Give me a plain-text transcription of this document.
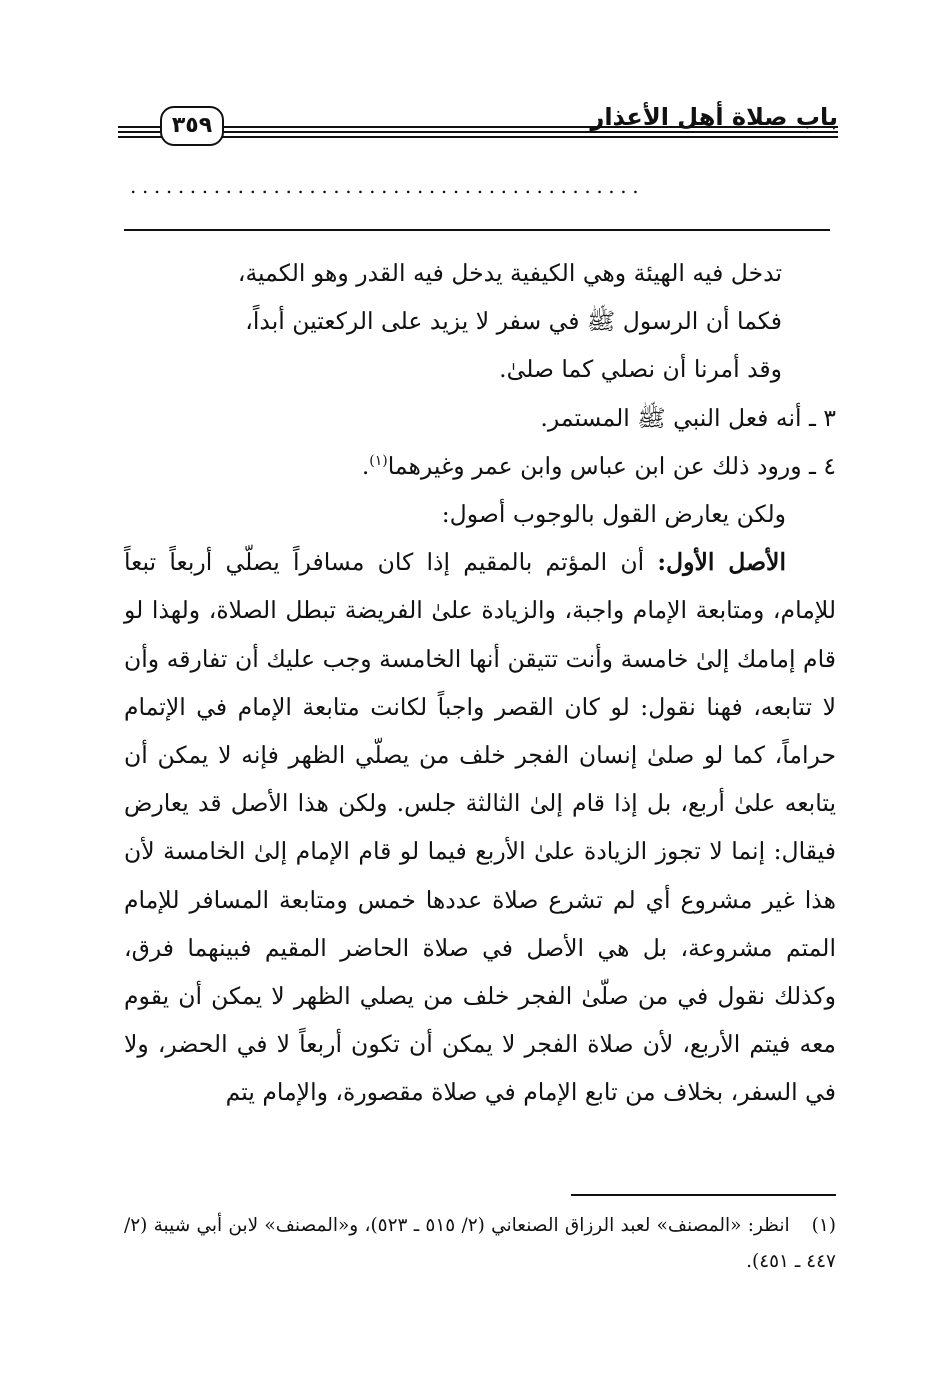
باب صلاة أهل الأعذار
٣٥٩
...........................................

تدخل فيه الهيئة وهي الكيفية يدخل فيه القدر وهو الكمية،

فكما أن الرسول ﷺ في سفر لا يزيد على الركعتين أبداً،

وقد أمرنا أن نصلي كما صلىٰ.

٣ ـ أنه فعل النبي ﷺ المستمر.

٤ ـ ورود ذلك عن ابن عباس وابن عمر وغيرهما$^{(١)}$.

ولكن يعارض القول بالوجوب أصول:

الأصل الأول: أن المؤتم بالمقيم إذا كان مسافراً يصلّي أربعاً تبعاً للإمام، ومتابعة الإمام واجبة، والزيادة علىٰ الفريضة تبطل الصلاة، ولهذا لو قام إمامك إلىٰ خامسة وأنت تتيقن أنها الخامسة وجب عليك أن تفارقه وأن لا تتابعه، فهنا نقول: لو كان القصر واجباً لكانت متابعة الإمام في الإتمام حراماً، كما لو صلىٰ إنسان الفجر خلف من يصلّي الظهر فإنه لا يمكن أن يتابعه علىٰ أربع، بل إذا قام إلىٰ الثالثة جلس. ولكن هذا الأصل قد يعارض فيقال: إنما لا تجوز الزيادة علىٰ الأربع فيما لو قام الإمام إلىٰ الخامسة لأن هذا غير مشروع أي لم تشرع صلاة عددها خمس ومتابعة المسافر للإمام المتم مشروعة، بل هي الأصل في صلاة الحاضر المقيم فبينهما فرق، وكذلك نقول في من صلّىٰ الفجر خلف من يصلي الظهر لا يمكن أن يقوم معه فيتم الأربع، لأن صلاة الفجر لا يمكن أن تكون أربعاً لا في الحضر، ولا في السفر، بخلاف من تابع الإمام في صلاة مقصورة، والإمام يتم

(١)انظر: «المصنف» لعبد الرزاق الصنعاني (٢/ ٥١٥ ـ ٥٢٣)، و«المصنف» لابن أبي شيبة (٢/ ٤٤٧ ـ ٤٥١).
